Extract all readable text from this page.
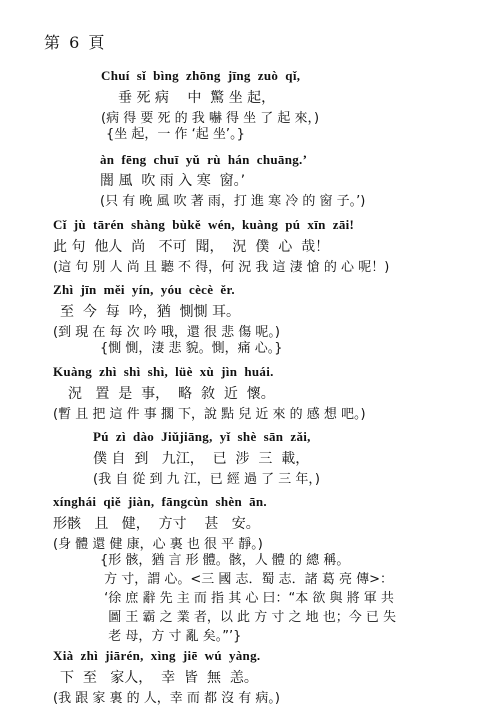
第 6 頁
Chuí  sǐ  bìng  zhōng  jīng  zuò  qǐ,
垂 死 病 　中  驚 坐 起，
(病 得 要 死 的 我 嚇 得 坐 了 起 來，)
{坐 起，一 作 ‘起 坐’。}
àn  fēng  chuī  yǔ  rù  hán  chuāng.’
闇 風  吹 雨 入 寒  窗。’
(只 有 晚 風 吹 著 雨，打 進 寒 冷 的 窗 子。’)
Cǐ  jù  tārén  shàng  bùkě  wén,  kuàng  pú  xīn  zāi!
此 句  他人  尚   不可  聞，  況  僕  心  哉！
(這 句 別 人 尚 且 聽 不 得，何 況 我 這 淒 愴 的 心 呢！)
Zhì  jīn  měi  yín,  yóu  cècè  ěr.
至  今  每  吟，猶  惻惻 耳。
(到 現 在 每 次 吟 哦，還 很 悲 傷 呢。)
{惻 惻，淒 悲 貌。惻，痛 心。}
Kuàng  zhì  shì  shì,  lüè  xù  jìn  huái.
況   置  是  事，  略  敘  近  懷。
(暫 且 把 這 件 事 擱 下，說 點 兒 近 來 的 感 想 吧。)
Pú  zì  dào  Jiǔjiāng,  yǐ  shè  sān  zǎi,
僕 自  到   九江，  已  涉  三  載，
(我 自 從 到 九 江，已 經 過 了 三 年，)
xínghái  qiě  jiàn,  fāngcùn  shèn  ān.
形骸   且   健，  方寸    甚   安。
(身 體 還 健 康，心 裏 也 很 平 靜。)
{形 骸，猶 言 形 體。骸，人 體 的 總 稱。
方 寸，謂 心。<三 國 志．蜀 志．諸 葛 亮 傳>：
‘徐 庶 辭 先 主 而 指 其 心 曰：“本 欲 與 將 軍 共
圖 王 霸 之 業 者，以 此 方 寸 之 地 也；今 已 失
老 母，方 寸 亂 矣。”’}
Xià  zhì  jiārén,  xìng  jiē  wú  yàng.
下  至   家人，  幸  皆  無  恙。
(我 跟 家 裏 的 人，幸 而 都 沒 有 病。)
